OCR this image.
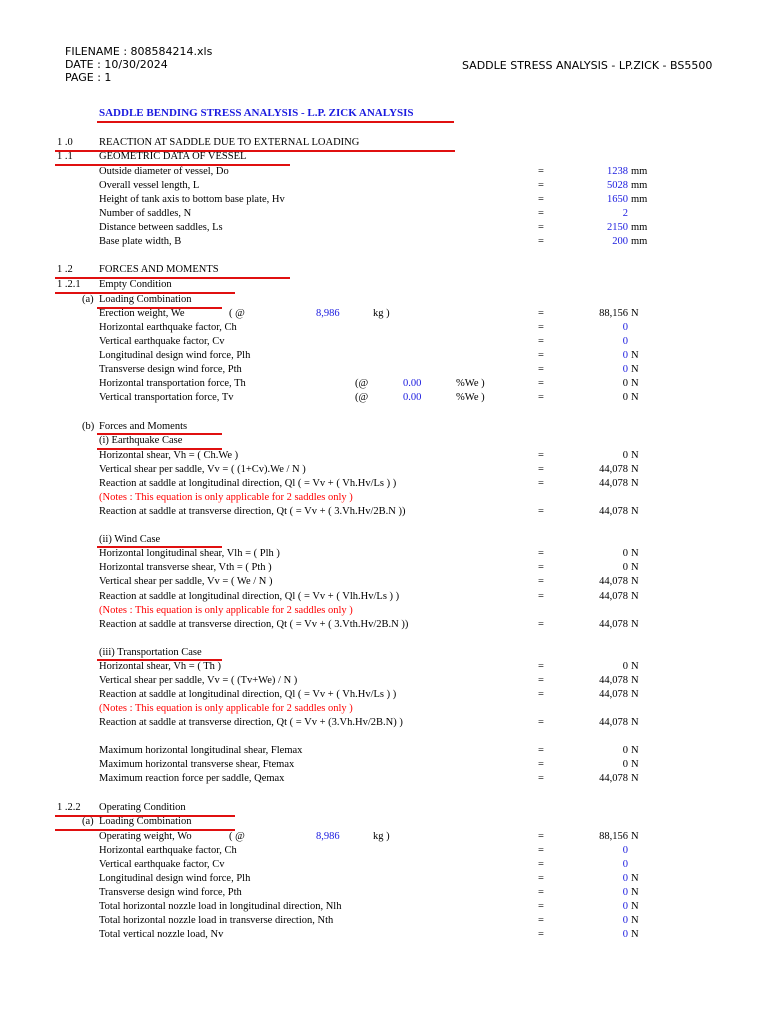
FILENAME : 808584214.xls
DATE : 10/30/2024
PAGE : 1
SADDLE STRESS ANALYSIS - LP.ZICK - BS5500
SADDLE BENDING STRESS ANALYSIS - L.P. ZICK ANALYSIS
1 .0	REACTION AT SADDLE DUE TO EXTERNAL LOADING
1 .1	GEOMETRIC DATA OF VESSEL
Outside diameter of vessel, Do	=	1238 mm
Overall vessel length, L	=	5028 mm
Height of tank axis to bottom base plate, Hv	=	1650 mm
Number of saddles, N	=	2
Distance between saddles, Ls	=	2150 mm
Base plate width, B	=	200 mm
1 .2	FORCES AND MOMENTS
1 .2.1 Empty Condition
(a) Loading Combination
Erection weight, We	( @	8,986	kg )	=	88,156 N
Horizontal earthquake factor, Ch	=	0
Vertical earthquake factor, Cv	=	0
Longitudinal design wind force, Plh	=	0 N
Transverse design wind force, Pth	=	0 N
Horizontal transportation force, Th	(@	0.00	%We )	=	0 N
Vertical transportation force, Tv	(@	0.00	%We )	=	0 N
(b) Forces and Moments
(i) Earthquake Case
Horizontal shear, Vh = ( Ch.We )	=	0 N
Vertical shear per saddle, Vv = ( (1+Cv).We / N )	=	44,078 N
Reaction at saddle at longitudinal direction, Ql ( = Vv + ( Vh.Hv/Ls ) )	=	44,078 N
(Notes : This equation is only applicable for 2 saddles only )
Reaction at saddle at transverse direction, Qt ( = Vv + ( 3.Vh.Hv/2B.N ))	=	44,078 N
(ii) Wind Case
Horizontal longitudinal shear, Vlh = ( Plh )	=	0 N
Horizontal transverse shear, Vth = ( Pth )	=	0 N
Vertical shear per saddle, Vv = ( We / N )	=	44,078 N
Reaction at saddle at longitudinal direction, Ql ( = Vv + ( Vlh.Hv/Ls ) )	=	44,078 N
(Notes : This equation is only applicable for 2 saddles only )
Reaction at saddle at transverse direction, Qt ( = Vv + ( 3.Vth.Hv/2B.N ))	=	44,078 N
(iii) Transportation Case
Horizontal shear, Vh = ( Th )	=	0 N
Vertical shear per saddle, Vv = ( (Tv+We) / N )	=	44,078 N
Reaction at saddle at longitudinal direction, Ql ( = Vv + ( Vh.Hv/Ls ) )	=	44,078 N
(Notes : This equation is only applicable for 2 saddles only )
Reaction at saddle at transverse direction, Qt ( = Vv + (3.Vh.Hv/2B.N) )	=	44,078 N
Maximum horizontal longitudinal shear, Flemax	=	0 N
Maximum horizontal transverse shear, Ftemax	=	0 N
Maximum reaction force per saddle, Qemax	=	44,078 N
1 .2.2 Operating Condition
(a) Loading Combination
Operating weight, Wo	( @	8,986	kg )	=	88,156 N
Horizontal earthquake factor, Ch	=	0
Vertical earthquake factor, Cv	=	0
Longitudinal design wind force, Plh	=	0 N
Transverse design wind force, Pth	=	0 N
Total horizontal nozzle load in longitudinal direction, Nlh	=	0 N
Total horizontal nozzle load in transverse direction, Nth	=	0 N
Total vertical nozzle load, Nv	=	0 N
